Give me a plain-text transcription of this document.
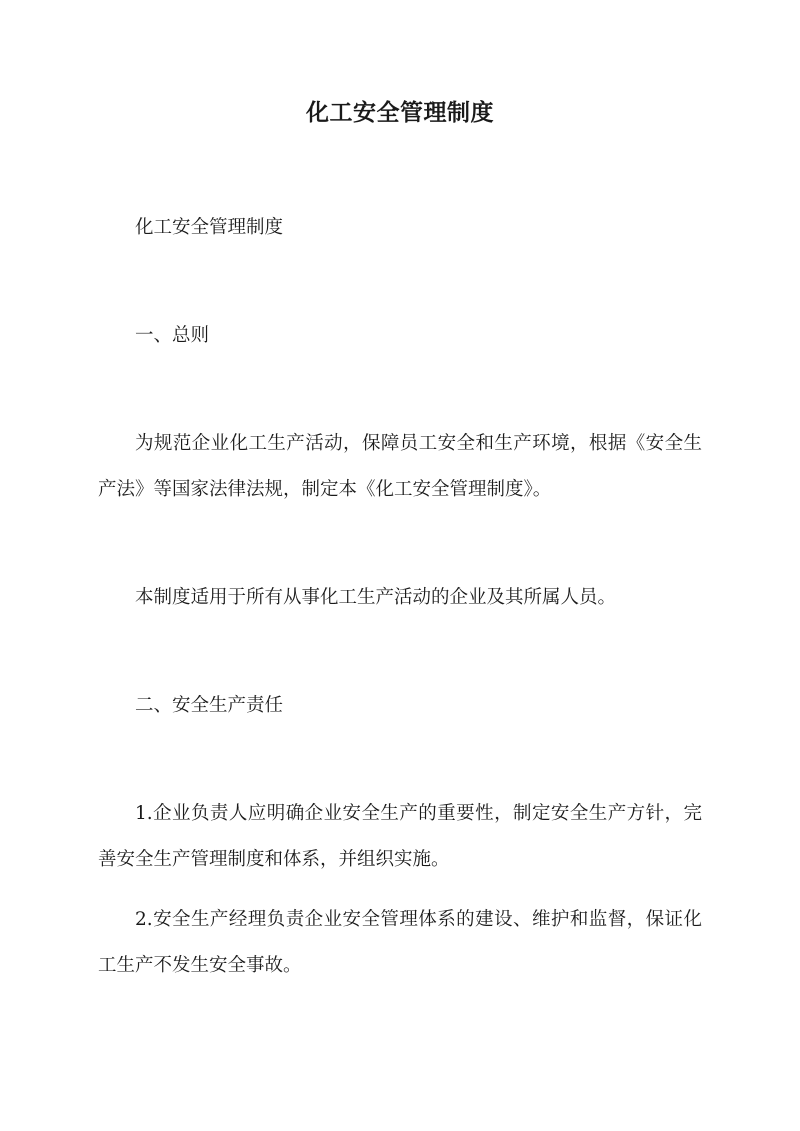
化工安全管理制度

化工安全管理制度

一、总则

为规范企业化工生产活动，保障员工安全和生产环境，根据《安全生产法》等国家法律法规，制定本《化工安全管理制度》。

本制度适用于所有从事化工生产活动的企业及其所属人员。

二、安全生产责任

1.企业负责人应明确企业安全生产的重要性，制定安全生产方针，完善安全生产管理制度和体系，并组织实施。

2.安全生产经理负责企业安全管理体系的建设、维护和监督，保证化工生产不发生安全事故。
